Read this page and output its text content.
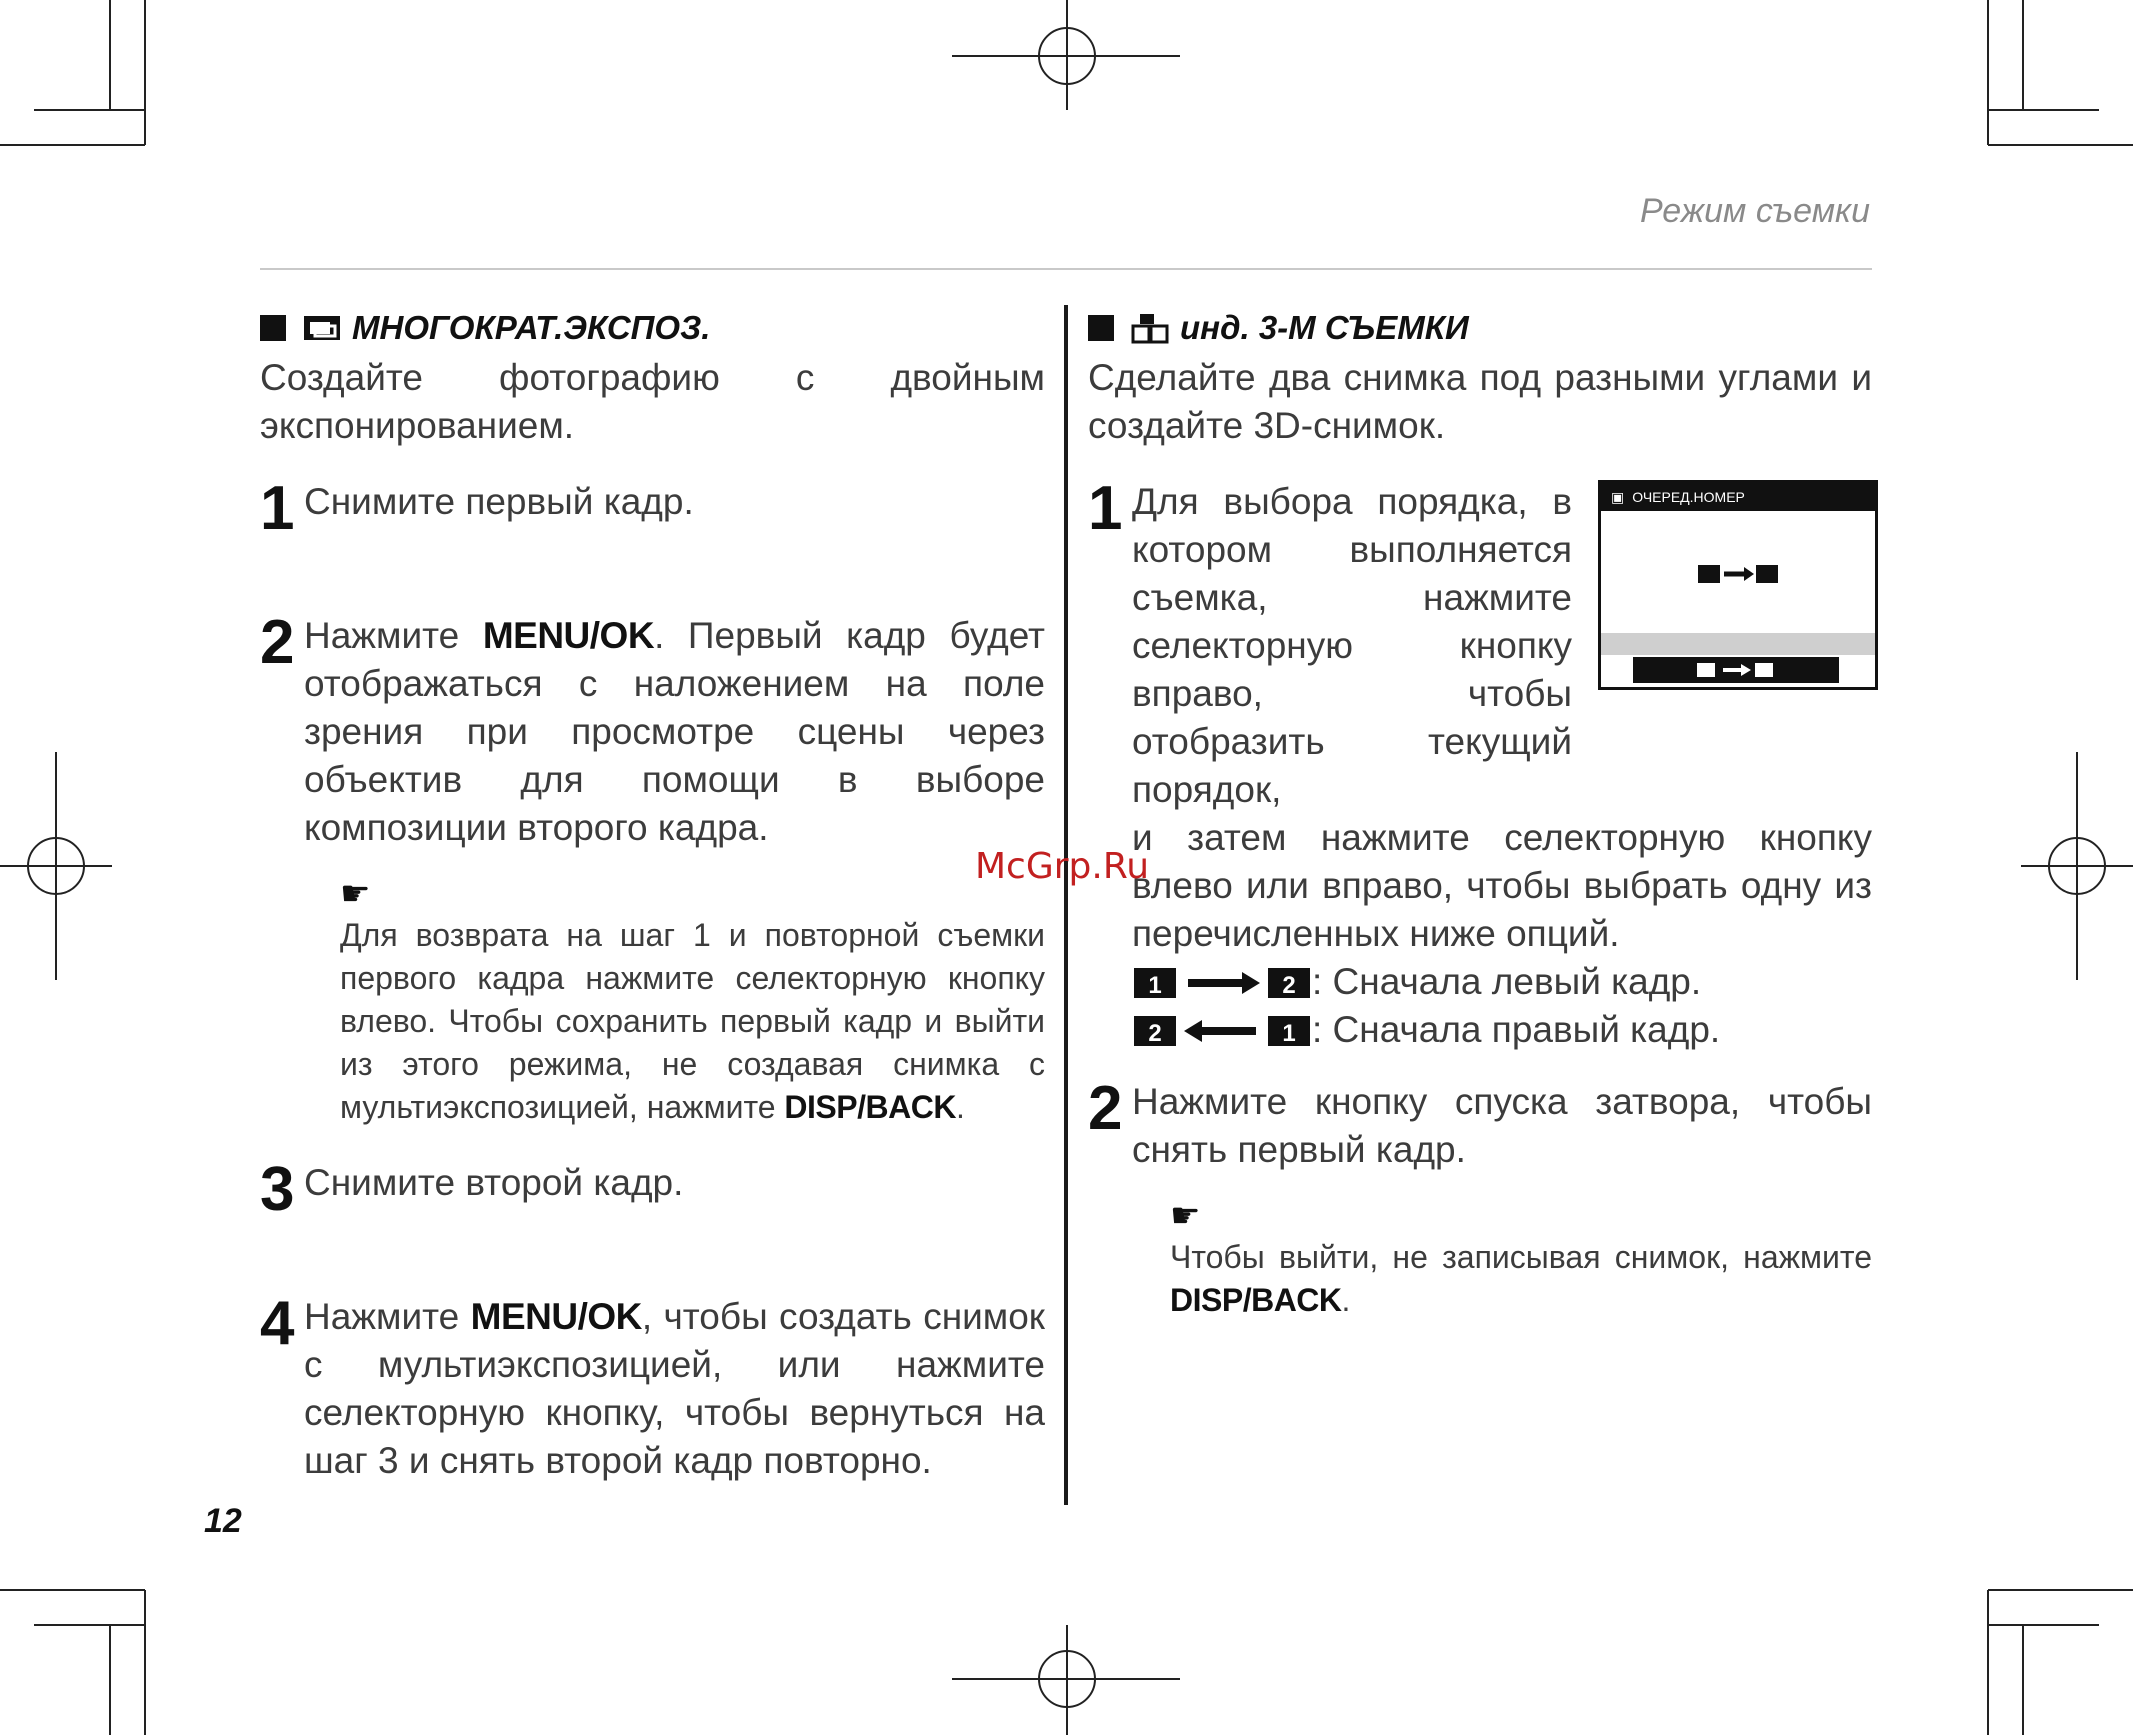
Режим съемки
МНОГОКРАТ.ЭКСПОЗ.
Создайте фотографию с двойным экспонированием.
1 Снимите первый кадр.
2 Нажмите MENU/OK. Первый кадр будет отображаться с наложением на поле зрения при просмотре сцены через объектив для помощи в выборе композиции второго кадра.
☛
Для возврата на шаг 1 и повторной съемки первого кадра нажмите селекторную кнопку влево. Чтобы сохранить первый кадр и выйти из этого режима, не создавая снимка с мультиэкспозицией, нажмите DISP/BACK.
3 Снимите второй кадр.
4 Нажмите MENU/OK, чтобы создать снимок с мультиэкспозицией, или нажмите селекторную кнопку, чтобы вернуться на шаг 3 и снять второй кадр повторно.
инд. 3-М СЪЕМКИ
Сделайте два снимка под разными углами и создайте 3D-снимок.
1 Для выбора порядка, в котором выполняется съемка, нажмите селекторную кнопку вправо, чтобы отобразить текущий порядок,
и затем нажмите селекторную кнопку влево или вправо, чтобы выбрать одну из перечисленных ниже опций.
1	2 : Сначала левый кадр.
2	1 : Сначала правый кадр.
2 Нажмите кнопку спуска затвора, чтобы снять первый кадр.
☛
Чтобы выйти, не записывая снимок, нажмите DISP/BACK.
▣ ОЧЕРЕД.НОМЕР
McGrp.Ru
12
